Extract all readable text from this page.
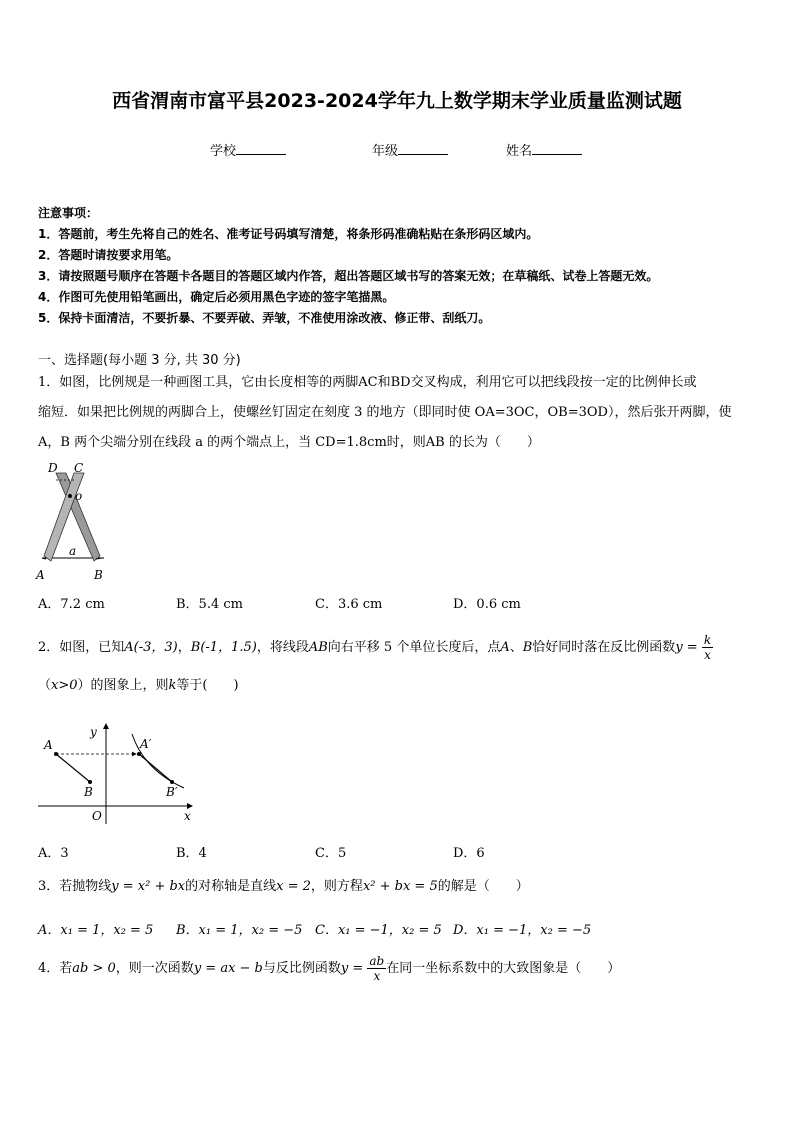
西省渭南市富平县2023-2024学年九上数学期末学业质量监测试题
学校	年级	姓名
注意事项：
1．答题前，考生先将自己的姓名、准考证号码填写清楚，将条形码准确粘贴在条形码区域内。
2．答题时请按要求用笔。
3．请按照题号顺序在答题卡各题目的答题区域内作答，超出答题区域书写的答案无效；在草稿纸、试卷上答题无效。
4．作图可先使用铅笔画出，确定后必须用黑色字迹的签字笔描黑。
5．保持卡面清洁，不要折暴、不要弄破、弄皱，不准使用涂改液、修正带、刮纸刀。
一、选择题(每小题 3 分, 共 30 分)
1．如图，比例规是一种画图工具，它由长度相等的两脚AC和BD交叉构成，利用它可以把线段按一定的比例伸长或
缩短．如果把比例规的两脚合上，使螺丝钉固定在刻度 3 的地方（即同时使 OA=3OC，OB=3OD），然后张开两脚，使
A，B 两个尖端分别在线段 a 的两个端点上，当 CD=1.8cm时，则AB 的长为（　　）
D C
o
A	B
a
A．7.2 cm	B．5.4 cm	C．3.6 cm	D．0.6 cm
2．如图，已知A(-3，3)，B(-1，1.5)，将线段AB向右平移 5 个单位长度后，点A、B恰好同时落在反比例函数$y = \frac{k}{x}$
（x>0）的图象上，则k等于(　　)
y
x
O
A
B
A′
B′
A．3	B．4	C．5	D．6
3．若抛物线y = x² + bx的对称轴是直线x = 2，则方程x² + bx = 5的解是（　　）
A．x₁ = 1，x₂ = 5 B．x₁ = 1，x₂ = −5 C．x₁ = −1，x₂ = 5 D．x₁ = −1，x₂ = −5
4．若ab > 0，则一次函数y = ax − b与反比例函数$y = \frac{ab}{x}$ 在同一坐标系数中的大致图象是（　　）
